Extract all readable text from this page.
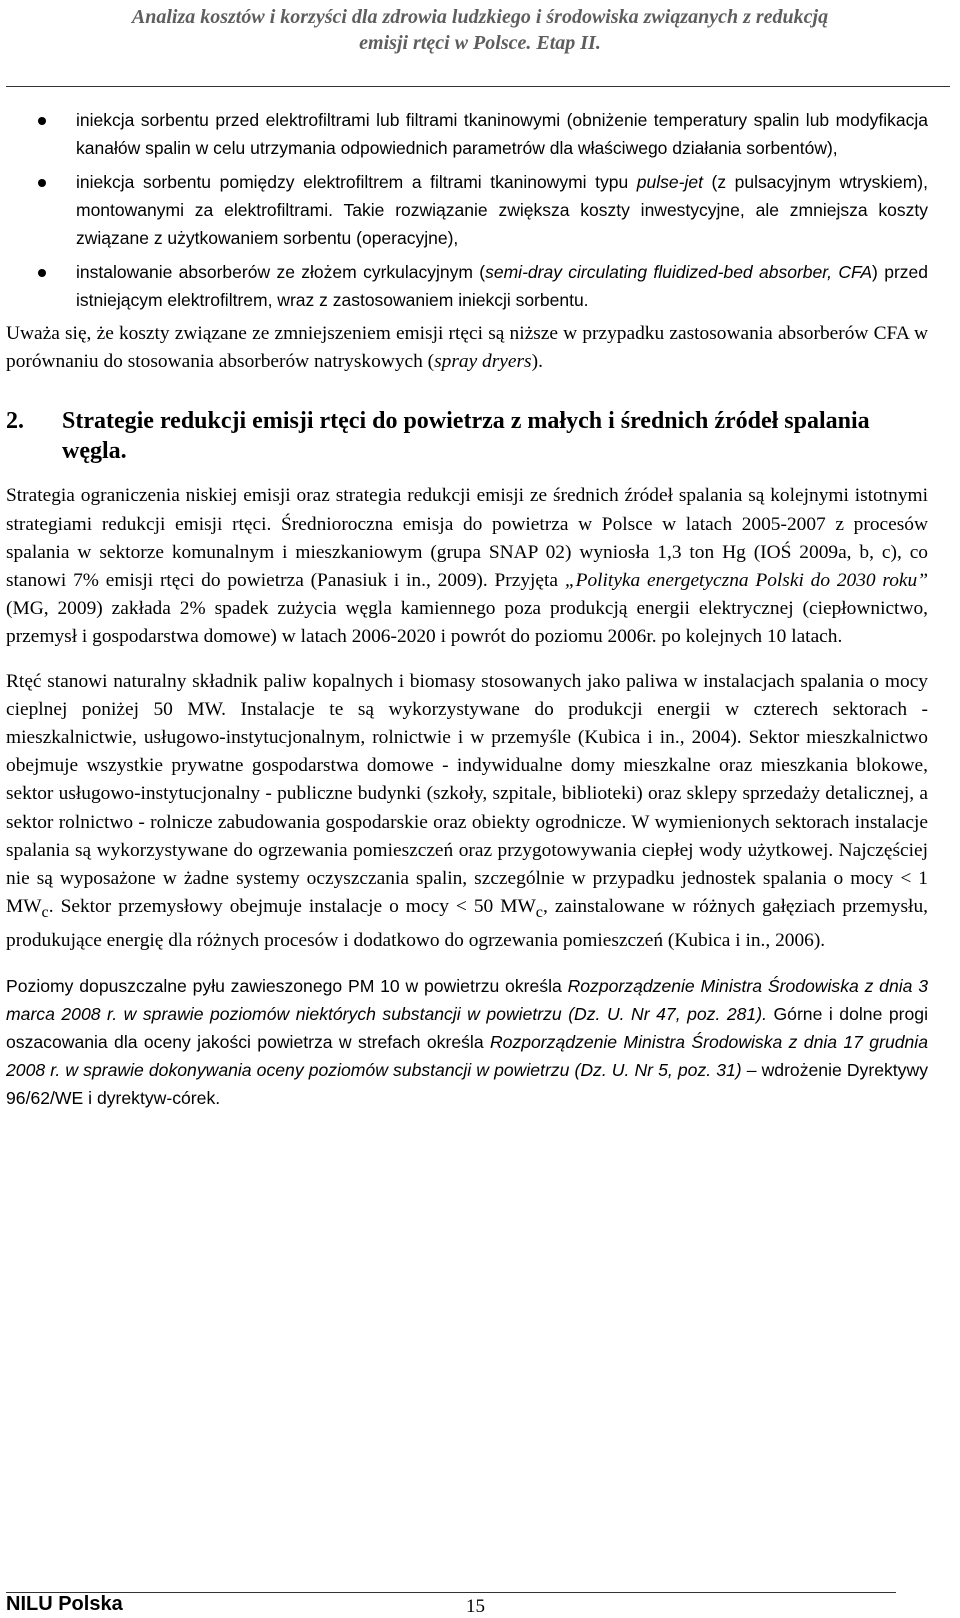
Analiza kosztów i korzyści dla zdrowia ludzkiego i środowiska związanych z redukcją
emisji rtęci w Polsce. Etap II.
iniekcja sorbentu przed elektrofiltrami lub filtrami tkaninowymi (obniżenie temperatury spalin lub modyfikacja kanałów spalin w celu utrzymania odpowiednich parametrów dla właściwego działania sorbentów),
iniekcja sorbentu pomiędzy elektrofiltrem a filtrami tkaninowymi typu pulse-jet (z pulsacyjnym wtryskiem), montowanymi za elektrofiltrami. Takie rozwiązanie zwiększa koszty inwestycyjne, ale zmniejsza koszty związane z użytkowaniem sorbentu (operacyjne),
instalowanie absorberów ze złożem cyrkulacyjnym (semi-dray circulating fluidized-bed absorber, CFA) przed istniejącym elektrofiltrem, wraz z zastosowaniem iniekcji sorbentu.

Uważa się, że koszty związane ze zmniejszeniem emisji rtęci są niższe w przypadku zastosowania absorberów CFA w porównaniu do stosowania absorberów natryskowych (spray dryers).

2. Strategie redukcji emisji rtęci do powietrza z małych i średnich źródeł spalania węgla.

Strategia ograniczenia niskiej emisji oraz strategia redukcji emisji ze średnich źródeł spalania są kolejnymi istotnymi strategiami redukcji emisji rtęci. Średnioroczna emisja do powietrza w Polsce w latach 2005-2007 z procesów spalania w sektorze komunalnym i mieszkaniowym (grupa SNAP 02) wyniosła 1,3 ton Hg (IOŚ 2009a, b, c), co stanowi 7% emisji rtęci do powietrza (Panasiuk i in., 2009). Przyjęta „Polityka energetyczna Polski do 2030 roku” (MG, 2009) zakłada 2% spadek zużycia węgla kamiennego poza produkcją energii elektrycznej (ciepłownictwo, przemysł i gospodarstwa domowe) w latach 2006-2020 i powrót do poziomu 2006r. po kolejnych 10 latach.

Rtęć stanowi naturalny składnik paliw kopalnych i biomasy stosowanych jako paliwa w instalacjach spalania o mocy cieplnej poniżej 50 MW. Instalacje te są wykorzystywane do produkcji energii w czterech sektorach - mieszkalnictwie, usługowo-instytucjonalnym, rolnictwie i w przemyśle (Kubica i in., 2004). Sektor mieszkalnictwo obejmuje wszystkie prywatne gospodarstwa domowe - indywidualne domy mieszkalne oraz mieszkania blokowe, sektor usługowo-instytucjonalny - publiczne budynki (szkoły, szpitale, biblioteki) oraz sklepy sprzedaży detalicznej, a sektor rolnictwo - rolnicze zabudowania gospodarskie oraz obiekty ogrodnicze. W wymienionych sektorach instalacje spalania są wykorzystywane do ogrzewania pomieszczeń oraz przygotowywania ciepłej wody użytkowej. Najczęściej nie są wyposażone w żadne systemy oczyszczania spalin, szczególnie w przypadku jednostek spalania o mocy < 1 $MW_c$. Sektor przemysłowy obejmuje instalacje o mocy < 50 $MW_c$, zainstalowane w różnych gałęziach przemysłu, produkujące energię dla różnych procesów i dodatkowo do ogrzewania pomieszczeń (Kubica i in., 2006).

Poziomy dopuszczalne pyłu zawieszonego PM 10 w powietrzu określa Rozporządzenie Ministra Środowiska z dnia 3 marca 2008 r. w sprawie poziomów niektórych substancji w powietrzu (Dz. U. Nr 47, poz. 281). Górne i dolne progi oszacowania dla oceny jakości powietrza w strefach określa Rozporządzenie Ministra Środowiska z dnia 17 grudnia 2008 r. w sprawie dokonywania oceny poziomów substancji w powietrzu (Dz. U. Nr 5, poz. 31) – wdrożenie Dyrektywy 96/62/WE i dyrektyw-córek.

NILU Polska	15
